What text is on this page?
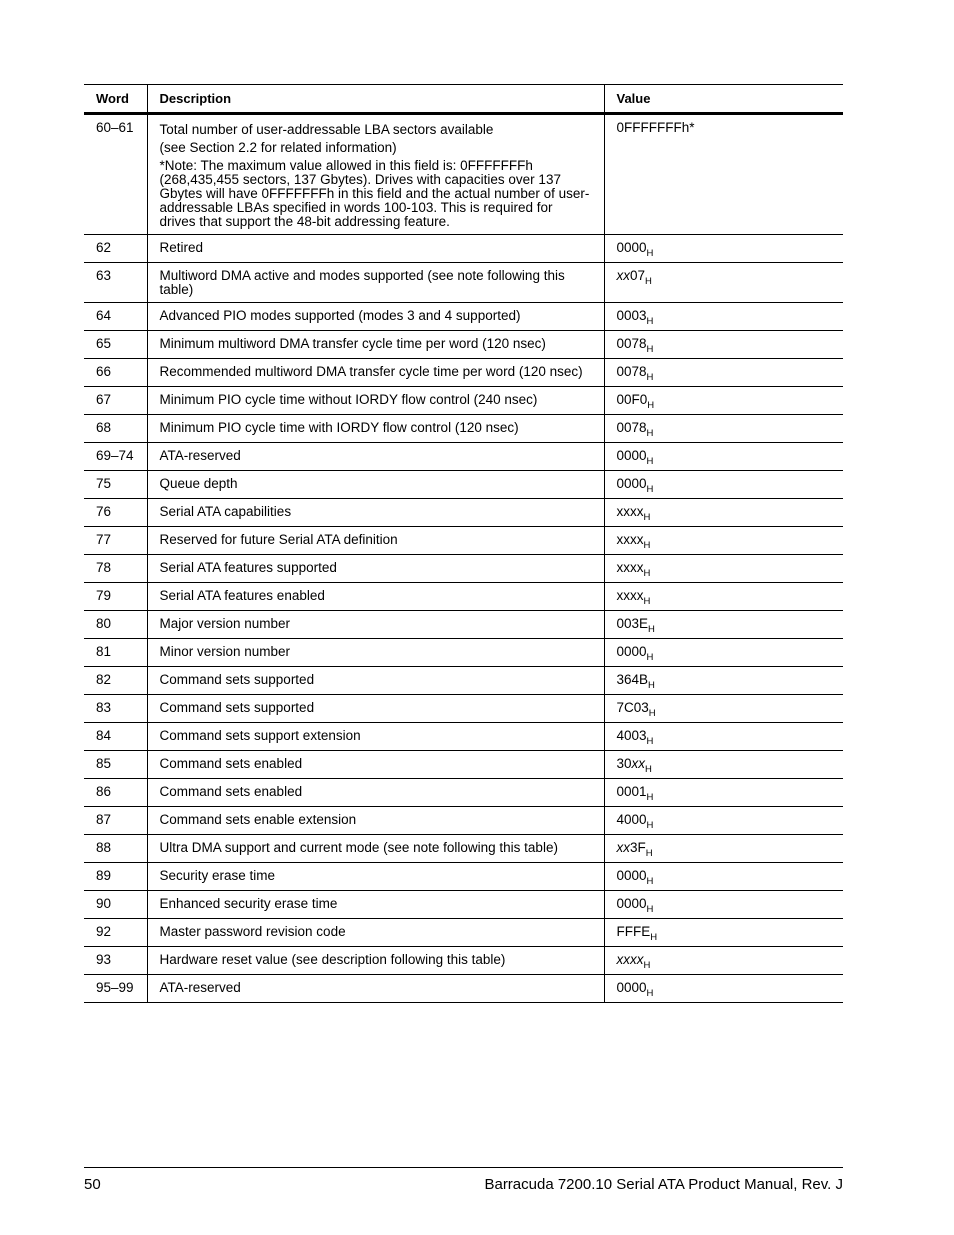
Word	Description	Value
60–61	Total number of user-addressable LBA sectors available
(see Section 2.2 for related information)
*Note: The maximum value allowed in this field is: 0FFFFFFFh (268,435,455 sectors, 137 Gbytes). Drives with capacities over 137 Gbytes will have 0FFFFFFFh in this field and the actual number of user-addressable LBAs specified in words 100-103. This is required for drives that support the 48-bit addressing feature.	0FFFFFFFh*
62	Retired	$0000_H$
63	Multiword DMA active and modes supported (see note following this table)	$xx07_H$
64	Advanced PIO modes supported (modes 3 and 4 supported)	$0003_H$
65	Minimum multiword DMA transfer cycle time per word (120 nsec)	$0078_H$
66	Recommended multiword DMA transfer cycle time per word (120 nsec)	$0078_H$
67	Minimum PIO cycle time without IORDY flow control (240 nsec)	$00F0_H$
68	Minimum PIO cycle time with IORDY flow control (120 nsec)	$0078_H$
69–74	ATA-reserved	$0000_H$
75	Queue depth	$0000_H$
76	Serial ATA capabilities	xxxx$_H$
77	Reserved for future Serial ATA definition	xxxx$_H$
78	Serial ATA features supported	xxxx$_H$
79	Serial ATA features enabled	xxxx$_H$
80	Major version number	$003E_H$
81	Minor version number	$0000_H$
82	Command sets supported	$364B_H$
83	Command sets supported	$7C03_H$
84	Command sets support extension	$4003_H$
85	Command sets enabled	$30xx_H$
86	Command sets enabled	$0001_H$
87	Command sets enable extension	$4000_H$
88	Ultra DMA support and current mode (see note following this table)	$xx3F_H$
89	Security erase time	$0000_H$
90	Enhanced security erase time	$0000_H$
92	Master password revision code	$FFFE_H$
93	Hardware reset value (see description following this table)	xxxx$_H$
95–99	ATA-reserved	$0000_H$
50	Barracuda 7200.10 Serial ATA Product Manual, Rev. J
